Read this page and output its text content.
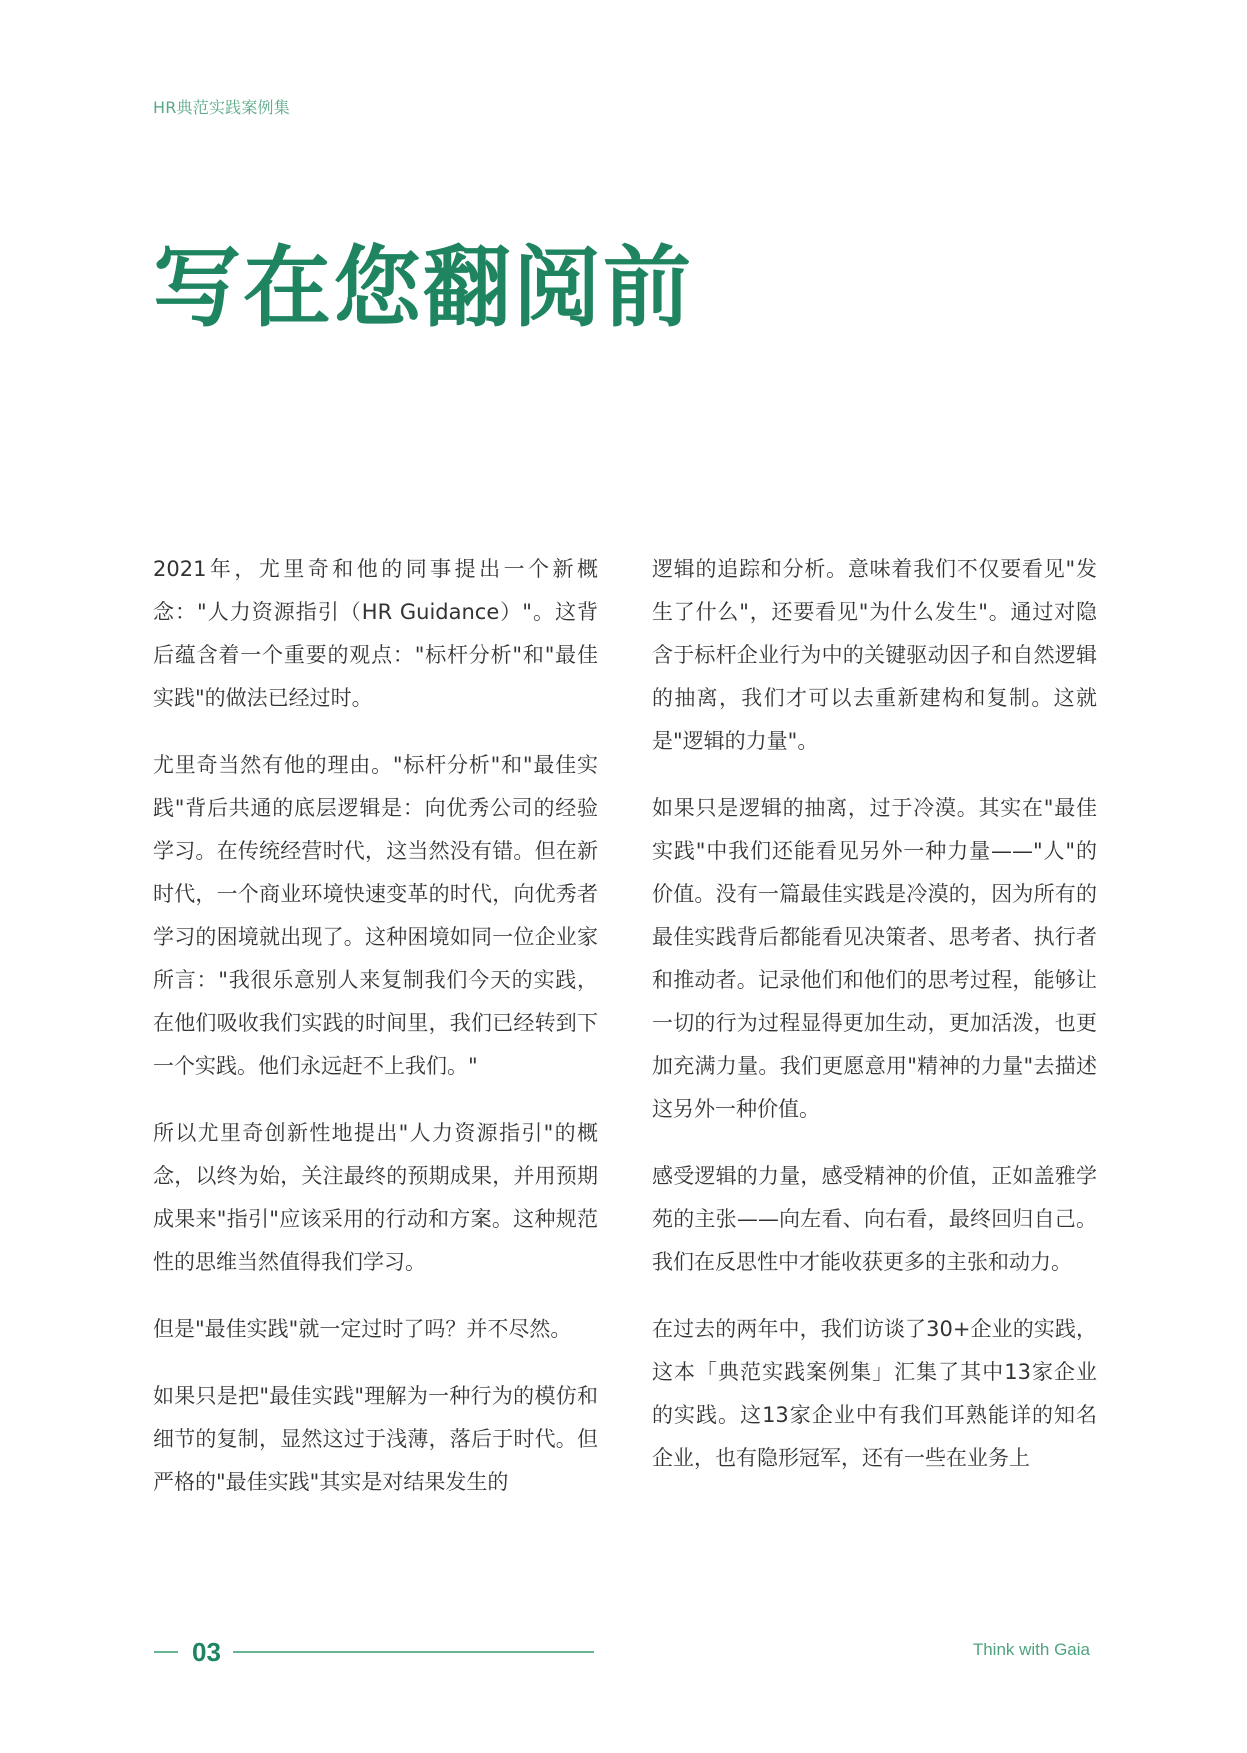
HR典范实践案例集
写在您翻阅前

2021年，尤里奇和他的同事提出一个新概念："人力资源指引（HR Guidance）"。这背后蕴含着一个重要的观点："标杆分析"和"最佳实践"的做法已经过时。

尤里奇当然有他的理由。"标杆分析"和"最佳实践"背后共通的底层逻辑是：向优秀公司的经验学习。在传统经营时代，这当然没有错。但在新时代，一个商业环境快速变革的时代，向优秀者学习的困境就出现了。这种困境如同一位企业家所言："我很乐意别人来复制我们今天的实践，在他们吸收我们实践的时间里，我们已经转到下一个实践。他们永远赶不上我们。"

所以尤里奇创新性地提出"人力资源指引"的概念，以终为始，关注最终的预期成果，并用预期成果来"指引"应该采用的行动和方案。这种规范性的思维当然值得我们学习。

但是"最佳实践"就一定过时了吗？并不尽然。

如果只是把"最佳实践"理解为一种行为的模仿和细节的复制，显然这过于浅薄，落后于时代。但严格的"最佳实践"其实是对结果发生的

逻辑的追踪和分析。意味着我们不仅要看见"发生了什么"，还要看见"为什么发生"。通过对隐含于标杆企业行为中的关键驱动因子和自然逻辑的抽离，我们才可以去重新建构和复制。这就是"逻辑的力量"。

如果只是逻辑的抽离，过于冷漠。其实在"最佳实践"中我们还能看见另外一种力量——"人"的价值。没有一篇最佳实践是冷漠的，因为所有的最佳实践背后都能看见决策者、思考者、执行者和推动者。记录他们和他们的思考过程，能够让一切的行为过程显得更加生动，更加活泼，也更加充满力量。我们更愿意用"精神的力量"去描述这另外一种价值。

感受逻辑的力量，感受精神的价值，正如盖雅学苑的主张——向左看、向右看，最终回归自己。我们在反思性中才能收获更多的主张和动力。

在过去的两年中，我们访谈了30+企业的实践，这本「典范实践案例集」汇集了其中13家企业的实践。这13家企业中有我们耳熟能详的知名企业，也有隐形冠军，还有一些在业务上

03	Think with Gaia
